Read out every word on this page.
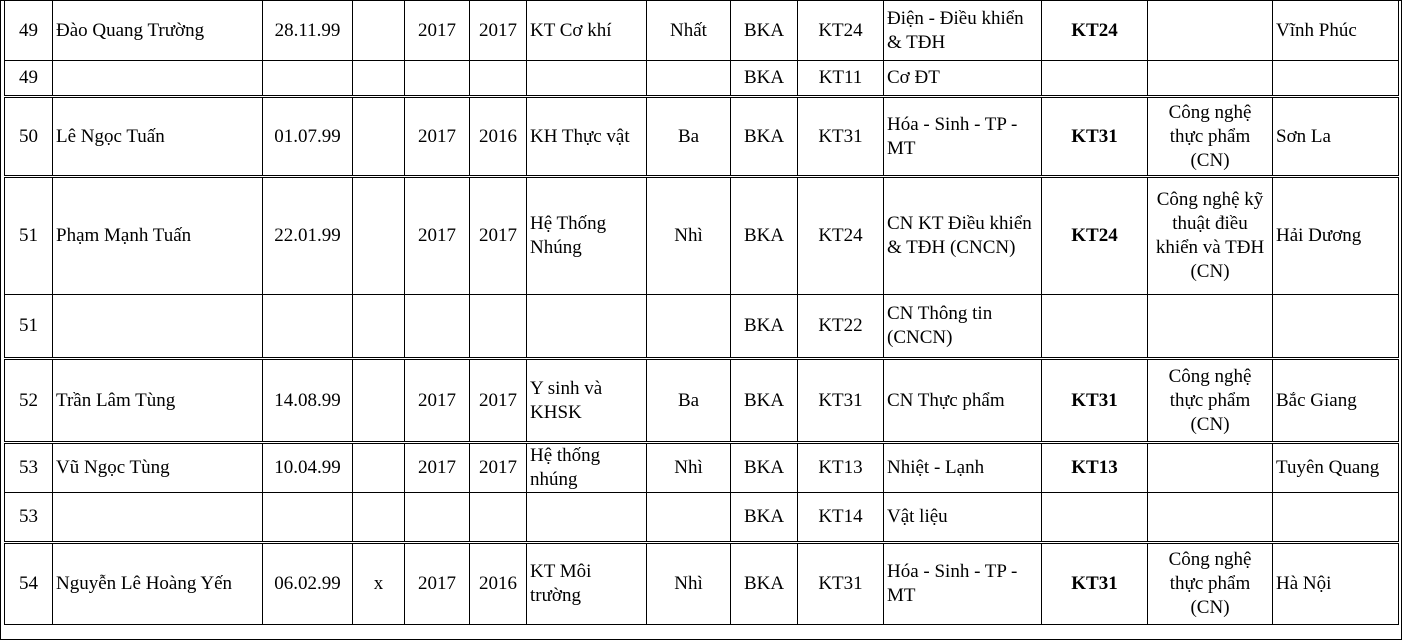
49	Đào Quang Trường	28.11.99		2017	2017	KT Cơ khí	Nhất	BKA	KT24	Điện - Điều khiển & TĐH	KT24		Vĩnh Phúc
49								BKA	KT11	Cơ ĐT			
50	Lê Ngọc Tuấn	01.07.99		2017	2016	KH Thực vật	Ba	BKA	KT31	Hóa - Sinh - TP - MT	KT31	Công nghệ thực phẩm (CN)	Sơn La
51	Phạm Mạnh Tuấn	22.01.99		2017	2017	Hệ Thống Nhúng	Nhì	BKA	KT24	CN KT Điều khiển & TĐH (CNCN)	KT24	Công nghệ kỹ thuật điều khiển và TĐH (CN)	Hải Dương
51								BKA	KT22	CN Thông tin (CNCN)			
52	Trần Lâm Tùng	14.08.99		2017	2017	Y sinh và KHSK	Ba	BKA	KT31	CN Thực phẩm	KT31	Công nghệ thực phẩm (CN)	Bắc Giang
53	Vũ Ngọc Tùng	10.04.99		2017	2017	Hệ thống nhúng	Nhì	BKA	KT13	Nhiệt - Lạnh	KT13		Tuyên Quang
53								BKA	KT14	Vật liệu			
54	Nguyễn Lê Hoàng Yến	06.02.99	x	2017	2016	KT Môi trường	Nhì	BKA	KT31	Hóa - Sinh - TP - MT	KT31	Công nghệ thực phẩm (CN)	Hà Nội
